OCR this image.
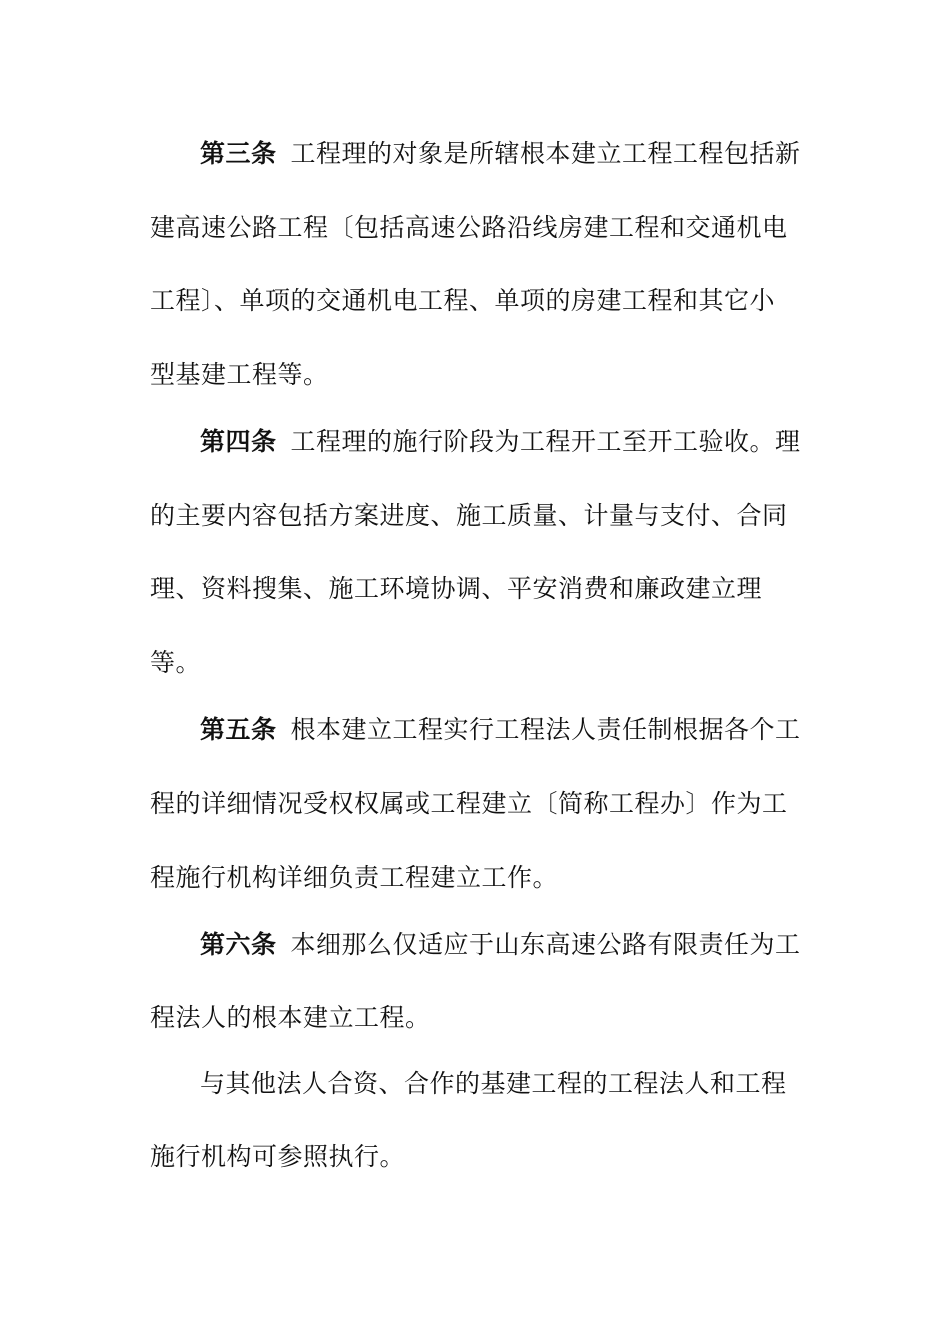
第三条 工程理的对象是所辖根本建立工程工程包括新
建高速公路工程〔包括高速公路沿线房建工程和交通机电
工程〕、单项的交通机电工程、单项的房建工程和其它小
型基建工程等。
第四条 工程理的施行阶段为工程开工至开工验收。理
的主要内容包括方案进度、施工质量、计量与支付、合同
理、资料搜集、施工环境协调、平安消费和廉政建立理
等。
第五条 根本建立工程实行工程法人责任制根据各个工
程的详细情况受权权属或工程建立〔简称工程办〕作为工
程施行机构详细负责工程建立工作。
第六条 本细那么仅适应于山东高速公路有限责任为工
程法人的根本建立工程。
与其他法人合资、合作的基建工程的工程法人和工程
施行机构可参照执行。
